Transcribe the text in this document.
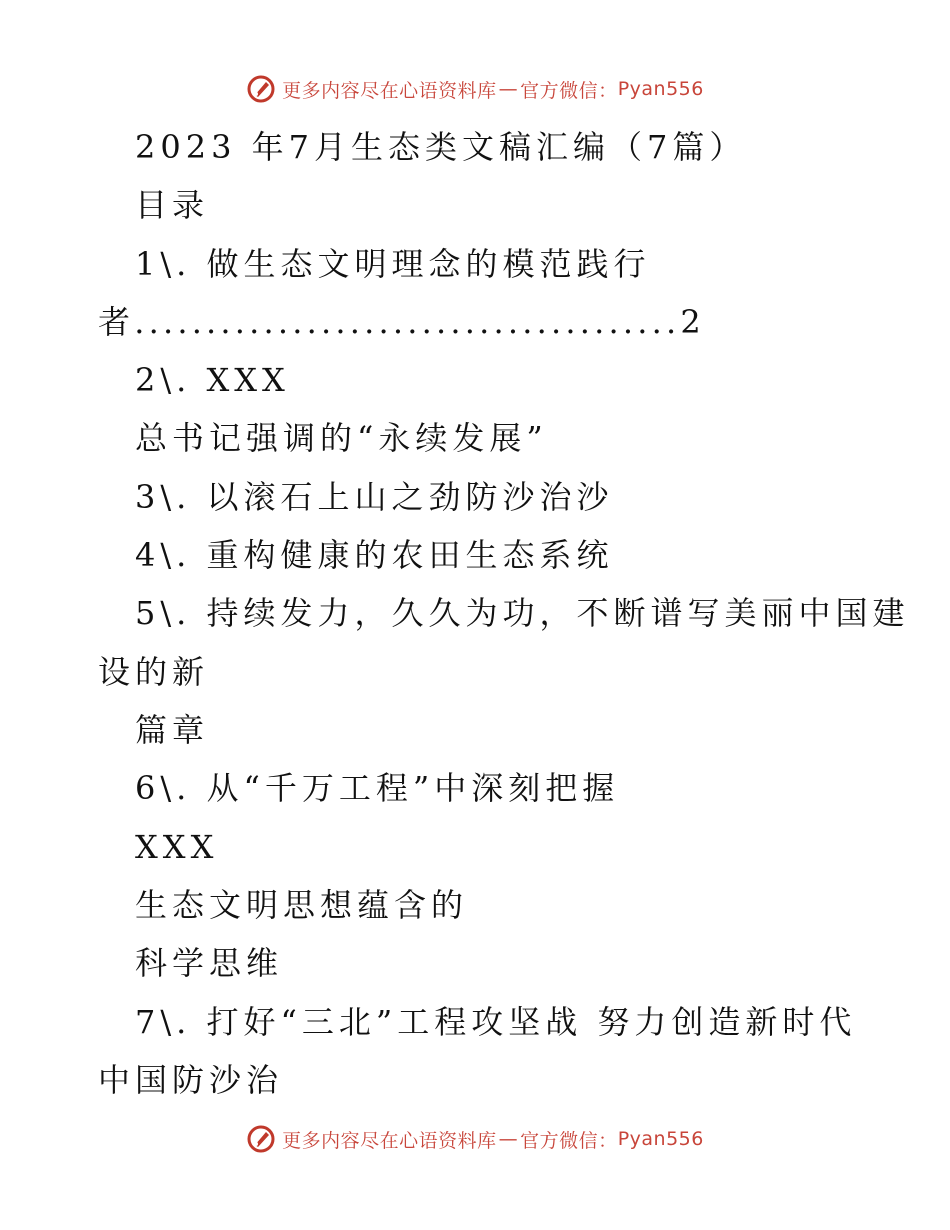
更多内容尽在心语资料库 — 官方微信： Pyan556
2023 年7月生态类文稿汇编（7篇）
目录
1\. 做生态文明理念的模范践行
者......................................2
2\. XXX
总书记强调的“永续发展”
3\. 以滚石上山之劲防沙治沙
4\. 重构健康的农田生态系统
5\. 持续发力，久久为功，不断谱写美丽中国建
设的新
篇章
6\. 从“千万工程”中深刻把握
XXX
生态文明思想蕴含的
科学思维
7\. 打好“三北”工程攻坚战 努力创造新时代
中国防沙治
更多内容尽在心语资料库 — 官方微信： Pyan556
